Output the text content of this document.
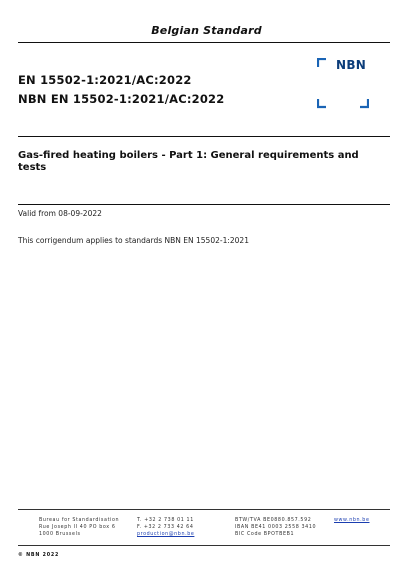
Belgian Standard
EN 15502-1:2021/AC:2022
NBN EN 15502-1:2021/AC:2022
NBN
Gas-fired heating boilers - Part 1: General requirements and tests
Valid from 08-09-2022
This corrigendum applies to standards NBN EN 15502-1:2021
Bureau for Standardisation
Rue Joseph II 40 PO box 6
1000 Brussels
T. +32 2 738 01 11
F. +32 2 733 42 64
production@nbn.be
BTW/TVA BE0880.857.592
IBAN BE41 0003 2558 3410
BIC Code BPOTBEB1
www.nbn.be
© NBN 2022
